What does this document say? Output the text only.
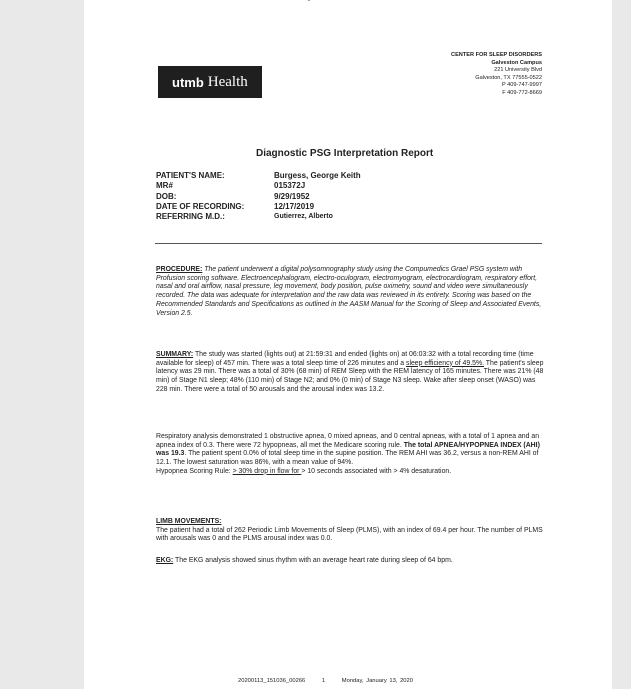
utmb Health
CENTER FOR SLEEP DISORDERS
Galveston Campus
221 University Blvd
Galveston, TX 77555-0522
P 409-747-9997
F 409-772-8669
Diagnostic PSG Interpretation Report
PATIENT'S NAME:
MR#
DOB:
DATE OF RECORDING:
REFERRING M.D.:
Burgess, George Keith
015372J
9/29/1952
12/17/2019
Gutierrez, Alberto

PROCEDURE: The patient underwent a digital polysomnography study using the Compumedics Grael PSG system with Profusion scoring software. Electroencephalogram, electro-oculogram, electromyogram, electrocardiogram, respiratory effort, nasal and oral airflow, nasal pressure, leg movement, body position, pulse oximetry, sound and video were simultaneously recorded. The data was adequate for interpretation and the raw data was reviewed in its entirety. Scoring was based on the Recommended Standards and Specifications as outlined in the AASM Manual for the Scoring of Sleep and Associated Events, Version 2.5.

SUMMARY: The study was started (lights out) at 21:59:31 and ended (lights on) at 06:03:32 with a total recording time (time available for sleep) of 457 min. There was a total sleep time of 226 minutes and a sleep efficiency of 49.5%. The patient's sleep latency was 29 min. There was a total of 30% (68 min) of REM Sleep with the REM latency of 165 minutes. There was 21% (48 min) of Stage N1 sleep; 48% (110 min) of Stage N2; and 0% (0 min) of Stage N3 sleep. Wake after sleep onset (WASO) was 228 min. There were a total of 50 arousals and the arousal index was 13.2.

Respiratory analysis demonstrated 1 obstructive apnea, 0 mixed apneas, and 0 central apneas, with a total of 1 apnea and an apnea index of 0.3. There were 72 hypopneas, all met the Medicare scoring rule. The total APNEA/HYPOPNEA INDEX (AHI) was 19.3. The patient spent 0.0% of total sleep time in the supine position. The REM AHI was 36.2, versus a non-REM AHI of 12.1. The lowest saturation was 86%, with a mean value of 94%.

Hypopnea Scoring Rule: > 30% drop in flow for > 10 seconds associated with > 4% desaturation.

LIMB MOVEMENTS:

The patient had a total of 262 Periodic Limb Movements of Sleep (PLMS), with an index of 69.4 per hour. The number of PLMS with arousals was 0 and the PLMS arousal index was 0.0.

EKG: The EKG analysis showed sinus rhythm with an average heart rate during sleep of 64 bpm.

20200113_151036_00266	1	Monday, January 13, 2020
